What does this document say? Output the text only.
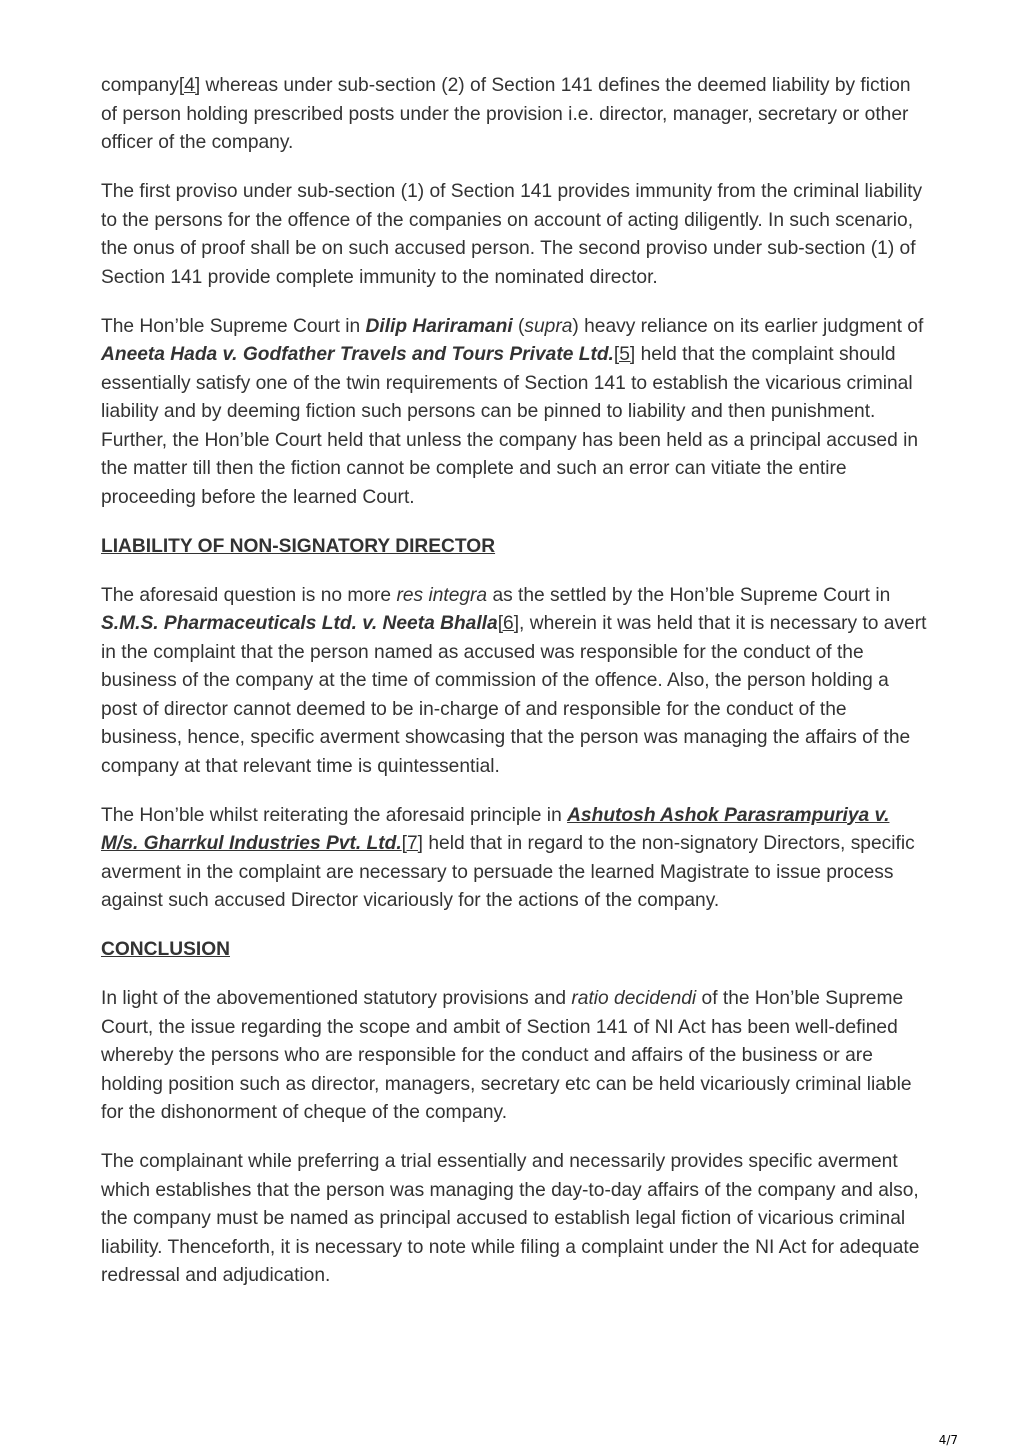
company[4] whereas under sub-section (2) of Section 141 defines the deemed liability by fiction of person holding prescribed posts under the provision i.e. director, manager, secretary or other officer of the company.

The first proviso under sub-section (1) of Section 141 provides immunity from the criminal liability to the persons for the offence of the companies on account of acting diligently. In such scenario, the onus of proof shall be on such accused person. The second proviso under sub-section (1) of Section 141 provide complete immunity to the nominated director.

The Hon’ble Supreme Court in Dilip Hariramani (supra) heavy reliance on its earlier judgment of Aneeta Hada v. Godfather Travels and Tours Private Ltd.[5] held that the complaint should essentially satisfy one of the twin requirements of Section 141 to establish the vicarious criminal liability and by deeming fiction such persons can be pinned to liability and then punishment. Further, the Hon’ble Court held that unless the company has been held as a principal accused in the matter till then the fiction cannot be complete and such an error can vitiate the entire proceeding before the learned Court.

LIABILITY OF NON-SIGNATORY DIRECTOR

The aforesaid question is no more res integra as the settled by the Hon’ble Supreme Court in S.M.S. Pharmaceuticals Ltd. v. Neeta Bhalla[6], wherein it was held that it is necessary to avert in the complaint that the person named as accused was responsible for the conduct of the business of the company at the time of commission of the offence. Also, the person holding a post of director cannot deemed to be in-charge of and responsible for the conduct of the business, hence, specific averment showcasing that the person was managing the affairs of the company at that relevant time is quintessential.

The Hon’ble whilst reiterating the aforesaid principle in Ashutosh Ashok Parasrampuriya v. M/s. Gharrkul Industries Pvt. Ltd.[7] held that in regard to the non-signatory Directors, specific averment in the complaint are necessary to persuade the learned Magistrate to issue process against such accused Director vicariously for the actions of the company.

CONCLUSION

In light of the abovementioned statutory provisions and ratio decidendi of the Hon’ble Supreme Court, the issue regarding the scope and ambit of Section 141 of NI Act has been well-defined whereby the persons who are responsible for the conduct and affairs of the business or are holding position such as director, managers, secretary etc can be held vicariously criminal liable for the dishonorment of cheque of the company.

The complainant while preferring a trial essentially and necessarily provides specific averment which establishes that the person was managing the day-to-day affairs of the company and also, the company must be named as principal accused to establish legal fiction of vicarious criminal liability. Thenceforth, it is necessary to note while filing a complaint under the NI Act for adequate redressal and adjudication.

4/7
